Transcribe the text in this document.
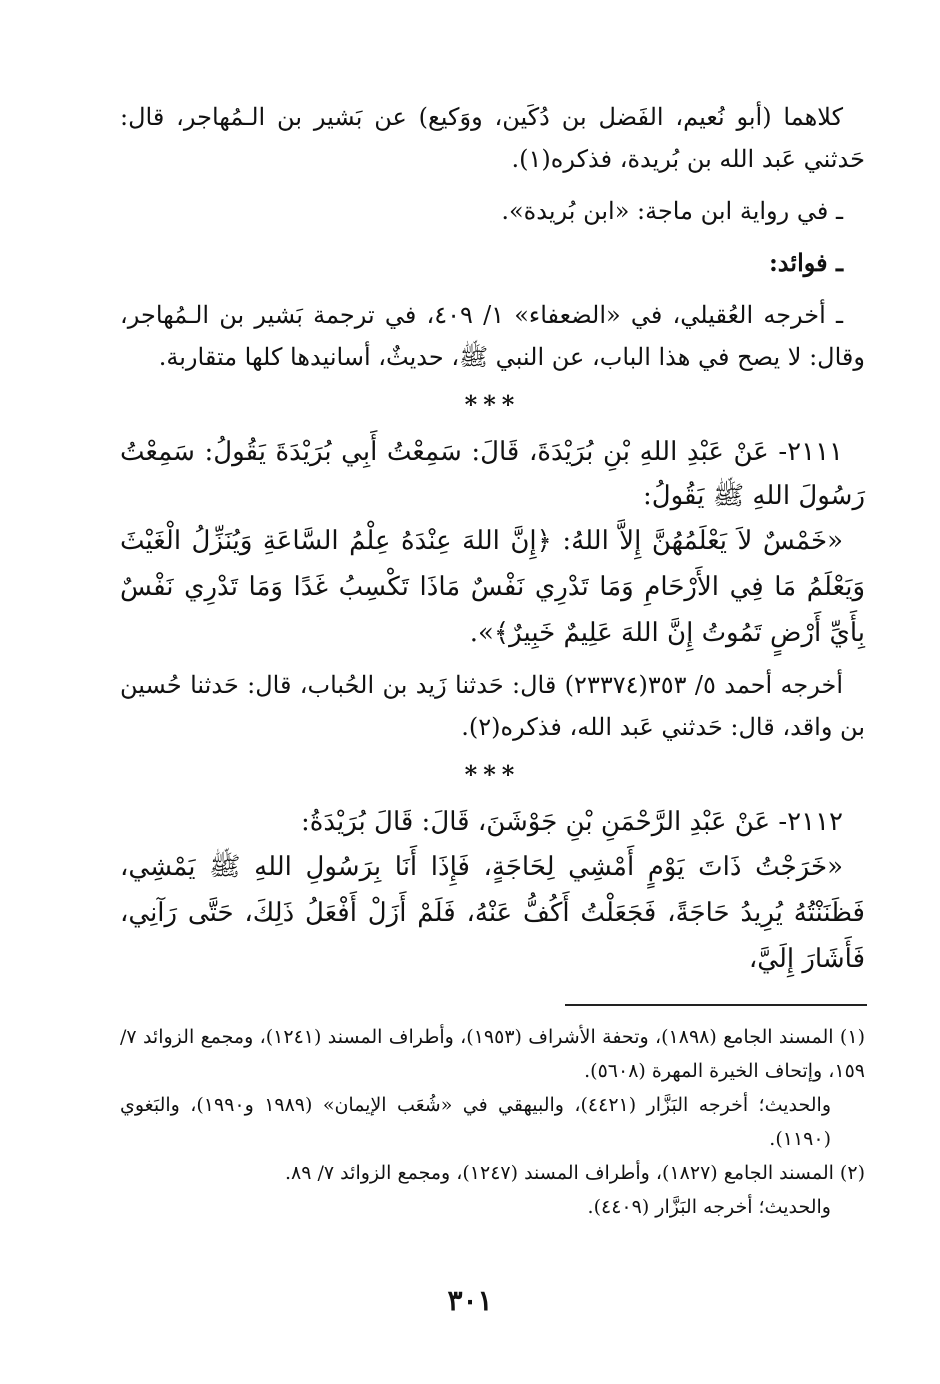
كلاهما (أبو نُعيم، الفَضل بن دُكَين، ووَكيع) عن بَشير بن الـمُهاجر، قال: حَدثني عَبد الله بن بُريدة، فذكره(١).

ـ في رواية ابن ماجة: «ابن بُريدة».

ـ فوائد:

ـ أخرجه العُقيلي، في «الضعفاء» ١/ ٤٠٩، في ترجمة بَشير بن الـمُهاجر، وقال: لا يصح في هذا الباب، عن النبي ﷺ، حديثٌ، أسانيدها كلها متقاربة.

***

٢١١١- عَنْ عَبْدِ اللهِ بْنِ بُرَيْدَةَ، قَالَ: سَمِعْتُ أَبِي بُرَيْدَةَ يَقُولُ: سَمِعْتُ رَسُولَ اللهِ ﷺ يَقُولُ:

«خَمْسٌ لاَ يَعْلَمُهُنَّ إِلاَّ اللهُ: ﴿إِنَّ اللهَ عِنْدَهُ عِلْمُ السَّاعَةِ وَيُنَزِّلُ الْغَيْثَ وَيَعْلَمُ مَا فِي الأَرْحَامِ وَمَا تَدْرِي نَفْسٌ مَاذَا تَكْسِبُ غَدًا وَمَا تَدْرِي نَفْسٌ بِأَيِّ أَرْضٍ تَمُوتُ إِنَّ اللهَ عَلِيمٌ خَبِيرٌ﴾».

أخرجه أحمد ٥/ ٣٥٣(٢٣٣٧٤) قال: حَدثنا زَيد بن الحُباب، قال: حَدثنا حُسين بن واقد، قال: حَدثني عَبد الله، فذكره(٢).

***

٢١١٢- عَنْ عَبْدِ الرَّحْمَنِ بْنِ جَوْشَنَ، قَالَ: قَالَ بُرَيْدَةُ:

«خَرَجْتُ ذَاتَ يَوْمٍ أَمْشِي لِحَاجَةٍ، فَإِذَا أَنَا بِرَسُولِ اللهِ ﷺ يَمْشِي، فَظَنَنْتُهُ يُرِيدُ حَاجَةً، فَجَعَلْتُ أَكُفُّ عَنْهُ، فَلَمْ أَزَلْ أَفْعَلُ ذَلِكَ، حَتَّى رَآنِي، فَأَشَارَ إِلَيَّ،

(١) المسند الجامع (١٨٩٨)، وتحفة الأشراف (١٩٥٣)، وأطراف المسند (١٢٤١)، ومجمع الزوائد ٧/ ١٥٩، وإتحاف الخيرة المهرة (٥٦٠٨).

والحديث؛ أخرجه البَزَّار (٤٤٢١)، والبيهقي في «شُعَب الإيمان» (١٩٨٩ و١٩٩٠)، والبَغوي (١١٩٠).

(٢) المسند الجامع (١٨٢٧)، وأطراف المسند (١٢٤٧)، ومجمع الزوائد ٧/ ٨٩.

والحديث؛ أخرجه البَزَّار (٤٤٠٩).

٣٠١
